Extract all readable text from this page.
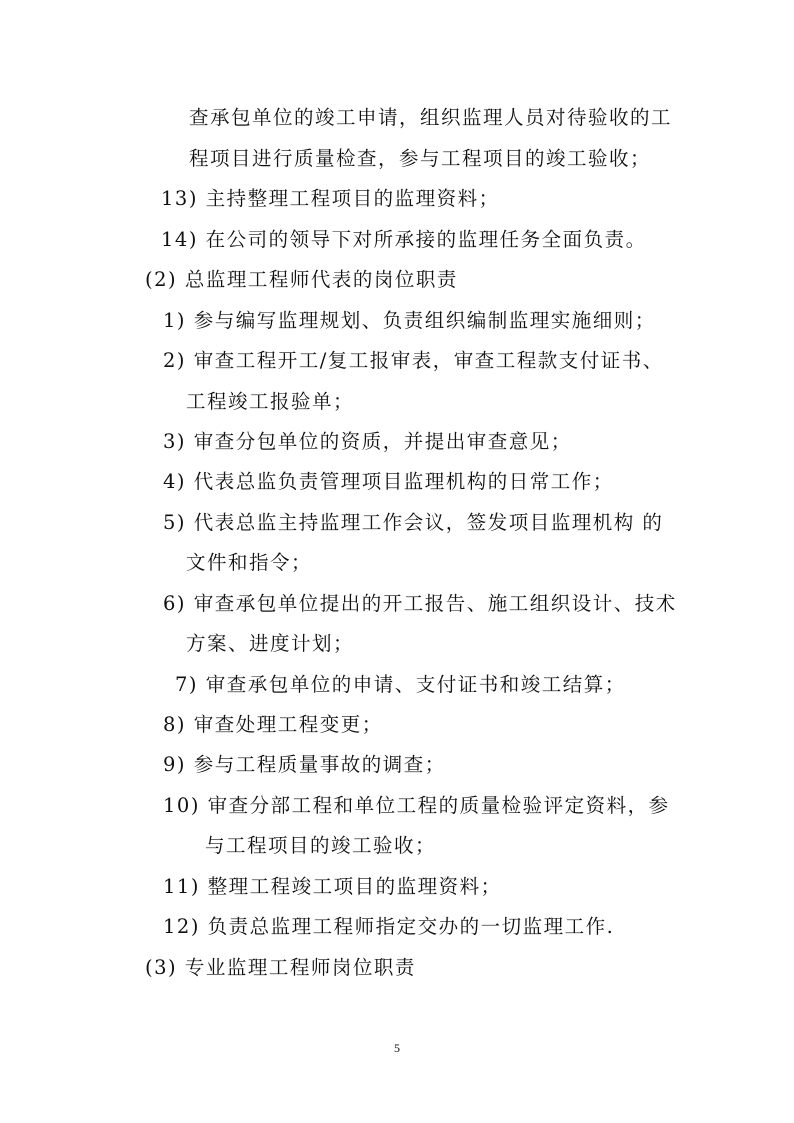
查承包单位的竣工申请，组织监理人员对待验收的工
程项目进行质量检查，参与工程项目的竣工验收；
13) 主持整理工程项目的监理资料；
14) 在公司的领导下对所承接的监理任务全面负责。
(2) 总监理工程师代表的岗位职责
1) 参与编写监理规划、负责组织编制监理实施细则；
2) 审查工程开工/复工报审表，审查工程款支付证书、
工程竣工报验单；
3) 审查分包单位的资质，并提出审查意见；
4) 代表总监负责管理项目监理机构的日常工作；
5) 代表总监主持监理工作会议，签发项目监理机构 的
文件和指令；
6) 审查承包单位提出的开工报告、施工组织设计、技术
方案、进度计划；
7) 审查承包单位的申请、支付证书和竣工结算；
8) 审查处理工程变更；
9) 参与工程质量事故的调查；
10) 审查分部工程和单位工程的质量检验评定资料，参
与工程项目的竣工验收；
11) 整理工程竣工项目的监理资料；
12) 负责总监理工程师指定交办的一切监理工作.
(3) 专业监理工程师岗位职责
5
